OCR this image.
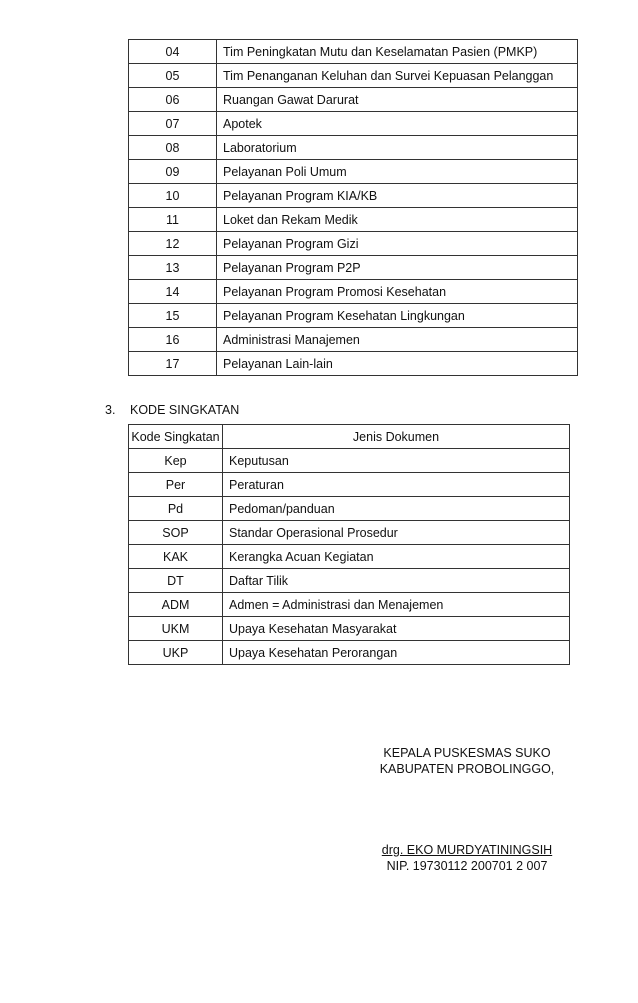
04	Tim Peningkatan Mutu dan Keselamatan Pasien (PMKP)
05	Tim Penanganan Keluhan dan Survei Kepuasan Pelanggan
06	Ruangan Gawat Darurat
07	Apotek
08	Laboratorium
09	Pelayanan Poli Umum
10	Pelayanan Program KIA/KB
11	Loket dan Rekam Medik
12	Pelayanan Program Gizi
13	Pelayanan Program P2P
14	Pelayanan Program Promosi Kesehatan
15	Pelayanan Program Kesehatan Lingkungan
16	Administrasi Manajemen
17	Pelayanan Lain-lain
3. KODE SINGKATAN
Kode Singkatan	Jenis Dokumen
Kep	Keputusan
Per	Peraturan
Pd	Pedoman/panduan
SOP	Standar Operasional Prosedur
KAK	Kerangka Acuan Kegiatan
DT	Daftar Tilik
ADM	Admen = Administrasi dan Menajemen
UKM	Upaya Kesehatan Masyarakat
UKP	Upaya Kesehatan Perorangan
KEPALA PUSKESMAS SUKO
KABUPATEN PROBOLINGGO,
drg. EKO MURDYATININGSIH
NIP. 19730112 200701 2 007
